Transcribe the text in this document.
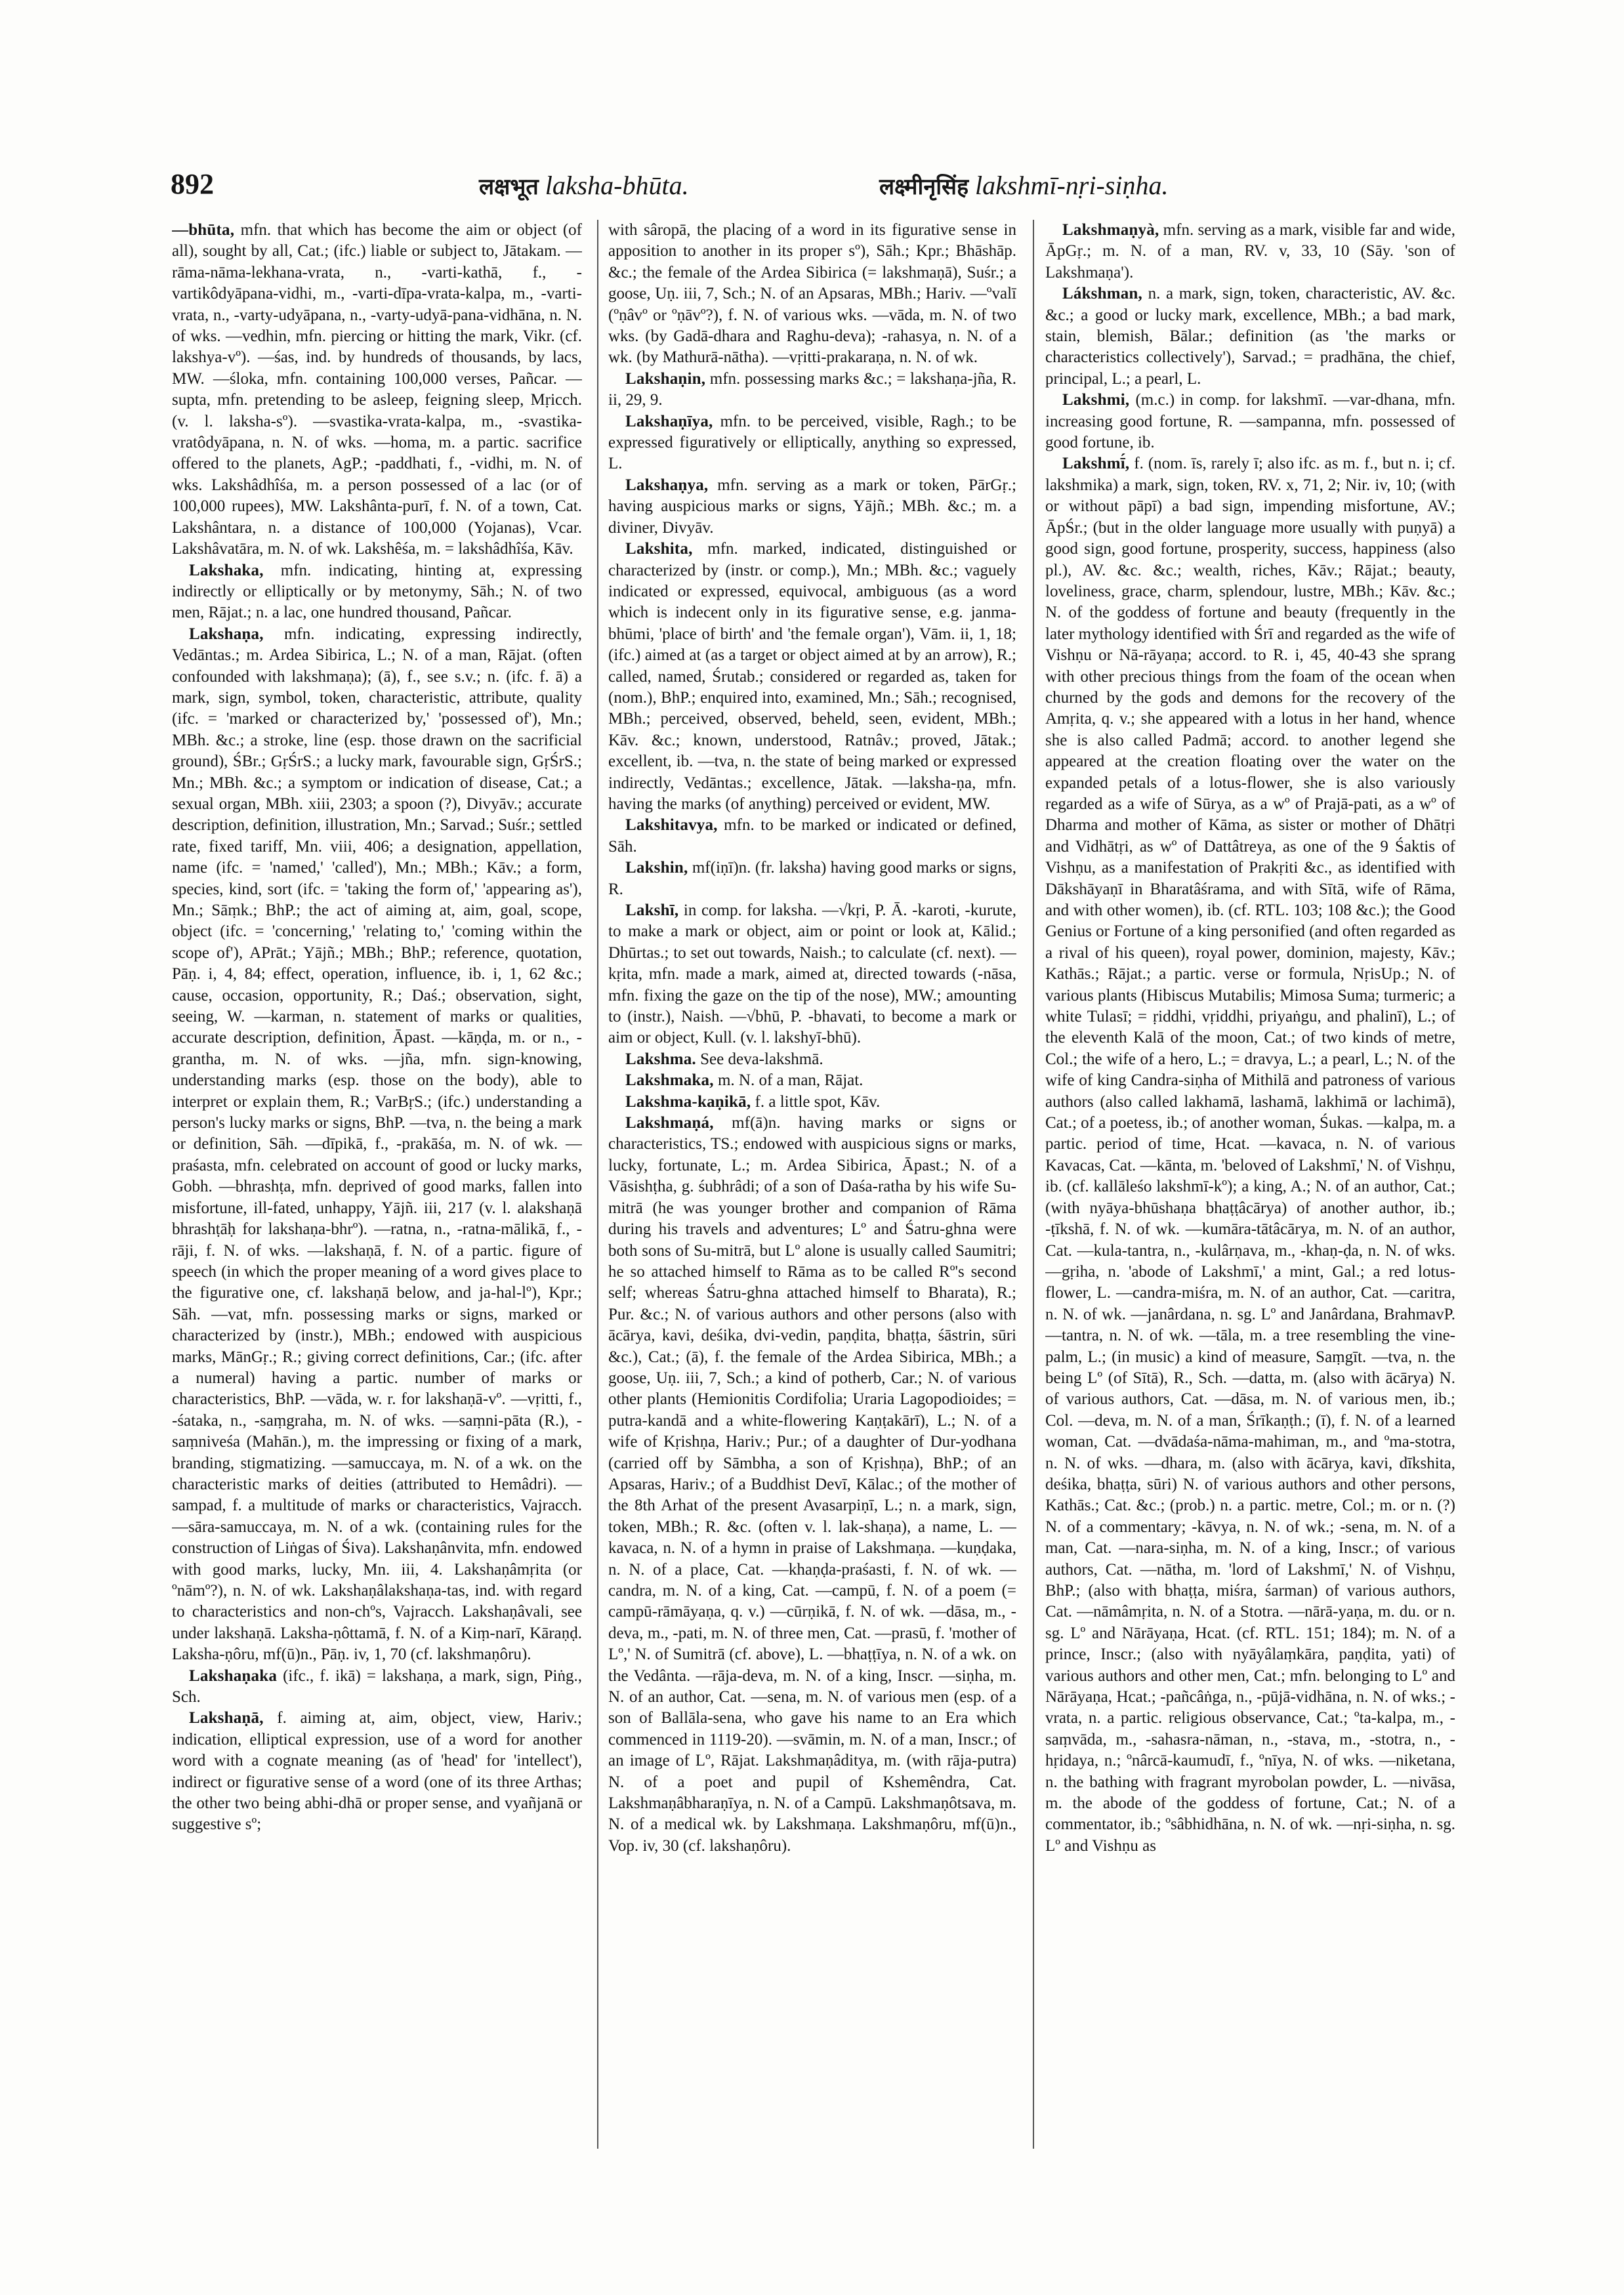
892	लक्षभूत laksha-bhūta.	लक्ष्मीनृसिंह lakshmī-nṛi-siṇha.

—bhūta, mfn. that which has become the aim or object (of all), sought by all, Cat.; (ifc.) liable or subject to, Jātakam. —rāma-nāma-lekhana-vrata, n., -varti-kathā, f., -vartikôdyāpana-vidhi, m., -varti-dīpa-vrata-kalpa, m., -varti-vrata, n., -varty-udyāpana, n., -varty-udyā-pana-vidhāna, n. N. of wks. —vedhin, mfn. piercing or hitting the mark, Vikr. (cf. lakshya-vº). —śas, ind. by hundreds of thousands, by lacs, MW. —śloka, mfn. containing 100,000 verses, Pañcar. —supta, mfn. pretending to be asleep, feigning sleep, Mṛicch. (v. l. laksha-sº). —svastika-vrata-kalpa, m., -svastika-vratôdyāpana, n. N. of wks. —homa, m. a partic. sacrifice offered to the planets, AgP.; -paddhati, f., -vidhi, m. N. of wks. Lakshâdhîśa, m. a person possessed of a lac (or of 100,000 rupees), MW. Lakshânta-purī, f. N. of a town, Cat. Lakshântara, n. a distance of 100,000 (Yojanas), Vcar. Lakshâvatāra, m. N. of wk. Lakshêśa, m. = lakshâdhîśa, Kāv.

Lakshaka, mfn. indicating, hinting at, expressing indirectly or elliptically or by metonymy, Sāh.; N. of two men, Rājat.; n. a lac, one hundred thousand, Pañcar.

Lakshaṇa, mfn. indicating, expressing indirectly, Vedāntas.; m. Ardea Sibirica, L.; N. of a man, Rājat. (often confounded with lakshmaṇa); (ā), f., see s.v.; n. (ifc. f. ā) a mark, sign, symbol, token, characteristic, attribute, quality (ifc. = 'marked or characterized by,' 'possessed of'), Mn.; MBh. &c.; a stroke, line (esp. those drawn on the sacrificial ground), ŚBr.; GṛŚrS.; a lucky mark, favourable sign, GṛŚrS.; Mn.; MBh. &c.; a symptom or indication of disease, Cat.; a sexual organ, MBh. xiii, 2303; a spoon (?), Divyāv.; accurate description, definition, illustration, Mn.; Sarvad.; Suśr.; settled rate, fixed tariff, Mn. viii, 406; a designation, appellation, name (ifc. = 'named,' 'called'), Mn.; MBh.; Kāv.; a form, species, kind, sort (ifc. = 'taking the form of,' 'appearing as'), Mn.; Sāṃk.; BhP.; the act of aiming at, aim, goal, scope, object (ifc. = 'concerning,' 'relating to,' 'coming within the scope of'), APrāt.; Yājñ.; MBh.; BhP.; reference, quotation, Pāṇ. i, 4, 84; effect, operation, influence, ib. i, 1, 62 &c.; cause, occasion, opportunity, R.; Daś.; observation, sight, seeing, W. —karman, n. statement of marks or qualities, accurate description, definition, Āpast. —kāṇḍa, m. or n., -grantha, m. N. of wks. —jña, mfn. sign-knowing, understanding marks (esp. those on the body), able to interpret or explain them, R.; VarBṛS.; (ifc.) understanding a person's lucky marks or signs, BhP. —tva, n. the being a mark or definition, Sāh. —dīpikā, f., -prakāśa, m. N. of wk. —praśasta, mfn. celebrated on account of good or lucky marks, Gobh. —bhrashṭa, mfn. deprived of good marks, fallen into misfortune, ill-fated, unhappy, Yājñ. iii, 217 (v. l. alakshaṇā bhrashṭāḥ for lakshaṇa-bhrº). —ratna, n., -ratna-mālikā, f., -rāji, f. N. of wks. —lakshaṇā, f. N. of a partic. figure of speech (in which the proper meaning of a word gives place to the figurative one, cf. lakshaṇā below, and ja-hal-lº), Kpr.; Sāh. —vat, mfn. possessing marks or signs, marked or characterized by (instr.), MBh.; endowed with auspicious marks, MānGṛ.; R.; giving correct definitions, Car.; (ifc. after a numeral) having a partic. number of marks or characteristics, BhP. —vāda, w. r. for lakshaṇā-vº. —vṛitti, f., -śataka, n., -saṃgraha, m. N. of wks. —saṃni-pāta (R.), -saṃniveśa (Mahān.), m. the impressing or fixing of a mark, branding, stigmatizing. —samuccaya, m. N. of a wk. on the characteristic marks of deities (attributed to Hemâdri). —sampad, f. a multitude of marks or characteristics, Vajracch. —sāra-samuccaya, m. N. of a wk. (containing rules for the construction of Liṅgas of Śiva). Lakshaṇânvita, mfn. endowed with good marks, lucky, Mn. iii, 4. Lakshaṇâmṛita (or ºnāmº?), n. N. of wk. Lakshaṇâlakshaṇa-tas, ind. with regard to characteristics and non-chºs, Vajracch. Lakshaṇâvali, see under lakshaṇā. Laksha-ṇôttamā, f. N. of a Kiṃ-narī, Kāraṇḍ. Laksha-ṇôru, mf(ū)n., Pāṇ. iv, 1, 70 (cf. lakshmaṇôru).

Lakshaṇaka (ifc., f. ikā) = lakshaṇa, a mark, sign, Piṅg., Sch.

Lakshaṇā, f. aiming at, aim, object, view, Hariv.; indication, elliptical expression, use of a word for another word with a cognate meaning (as of 'head' for 'intellect'), indirect or figurative sense of a word (one of its three Arthas; the other two being abhi-dhā or proper sense, and vyañjanā or suggestive sº;

with sâropā, the placing of a word in its figurative sense in apposition to another in its proper sº), Sāh.; Kpr.; Bhāshāp. &c.; the female of the Ardea Sibirica (= lakshmaṇā), Suśr.; a goose, Uṇ. iii, 7, Sch.; N. of an Apsaras, MBh.; Hariv. —ºvalī (ºṇâvº or ºṇāvº?), f. N. of various wks. —vāda, m. N. of two wks. (by Gadā-dhara and Raghu-deva); -rahasya, n. N. of a wk. (by Mathurā-nātha). —vṛitti-prakaraṇa, n. N. of wk.

Lakshaṇin, mfn. possessing marks &c.; = lakshaṇa-jña, R. ii, 29, 9.

Lakshaṇīya, mfn. to be perceived, visible, Ragh.; to be expressed figuratively or elliptically, anything so expressed, L.

Lakshaṇya, mfn. serving as a mark or token, PārGṛ.; having auspicious marks or signs, Yājñ.; MBh. &c.; m. a diviner, Divyāv.

Lakshita, mfn. marked, indicated, distinguished or characterized by (instr. or comp.), Mn.; MBh. &c.; vaguely indicated or expressed, equivocal, ambiguous (as a word which is indecent only in its figurative sense, e.g. janma-bhūmi, 'place of birth' and 'the female organ'), Vām. ii, 1, 18; (ifc.) aimed at (as a target or object aimed at by an arrow), R.; called, named, Śrutab.; considered or regarded as, taken for (nom.), BhP.; enquired into, examined, Mn.; Sāh.; recognised, MBh.; perceived, observed, beheld, seen, evident, MBh.; Kāv. &c.; known, understood, Ratnâv.; proved, Jātak.; excellent, ib. —tva, n. the state of being marked or expressed indirectly, Vedāntas.; excellence, Jātak. —laksha-ṇa, mfn. having the marks (of anything) perceived or evident, MW.

Lakshitavya, mfn. to be marked or indicated or defined, Sāh.

Lakshin, mf(iṇī)n. (fr. laksha) having good marks or signs, R.

Lakshī, in comp. for laksha. —√kṛi, P. Ā. -karoti, -kurute, to make a mark or object, aim or point or look at, Kālid.; Dhūrtas.; to set out towards, Naish.; to calculate (cf. next). —kṛita, mfn. made a mark, aimed at, directed towards (-nāsa, mfn. fixing the gaze on the tip of the nose), MW.; amounting to (instr.), Naish. —√bhū, P. -bhavati, to become a mark or aim or object, Kull. (v. l. lakshyī-bhū).

Lakshma. See deva-lakshmā.

Lakshmaka, m. N. of a man, Rājat.

Lakshma-kaṇikā, f. a little spot, Kāv.

Lakshmaṇá, mf(ā)n. having marks or signs or characteristics, TS.; endowed with auspicious signs or marks, lucky, fortunate, L.; m. Ardea Sibirica, Āpast.; N. of a Vāsishṭha, g. śubhrâdi; of a son of Daśa-ratha by his wife Su-mitrā (he was younger brother and companion of Rāma during his travels and adventures; Lº and Śatru-ghna were both sons of Su-mitrā, but Lº alone is usually called Saumitri; he so attached himself to Rāma as to be called Rº's second self; whereas Śatru-ghna attached himself to Bharata), R.; Pur. &c.; N. of various authors and other persons (also with ācārya, kavi, deśika, dvi-vedin, paṇḍita, bhaṭṭa, śāstrin, sūri &c.), Cat.; (ā), f. the female of the Ardea Sibirica, MBh.; a goose, Uṇ. iii, 7, Sch.; a kind of potherb, Car.; N. of various other plants (Hemionitis Cordifolia; Uraria Lagopodioides; = putra-kandā and a white-flowering Kaṇṭakārī), L.; N. of a wife of Kṛishṇa, Hariv.; Pur.; of a daughter of Dur-yodhana (carried off by Sāmbha, a son of Kṛishṇa), BhP.; of an Apsaras, Hariv.; of a Buddhist Devī, Kālac.; of the mother of the 8th Arhat of the present Avasarpiṇī, L.; n. a mark, sign, token, MBh.; R. &c. (often v. l. lak-shaṇa), a name, L. —kavaca, n. N. of a hymn in praise of Lakshmaṇa. —kuṇḍaka, n. N. of a place, Cat. —khaṇḍa-praśasti, f. N. of wk. —candra, m. N. of a king, Cat. —campū, f. N. of a poem (= campū-rāmāyaṇa, q. v.) —cūrṇikā, f. N. of wk. —dāsa, m., -deva, m., -pati, m. N. of three men, Cat. —prasū, f. 'mother of Lº,' N. of Sumitrā (cf. above), L. —bhaṭṭīya, n. N. of a wk. on the Vedânta. —rāja-deva, m. N. of a king, Inscr. —siṇha, m. N. of an author, Cat. —sena, m. N. of various men (esp. of a son of Ballāla-sena, who gave his name to an Era which commenced in 1119-20). —svāmin, m. N. of a man, Inscr.; of an image of Lº, Rājat. Lakshmaṇâditya, m. (with rāja-putra) N. of a poet and pupil of Kshemêndra, Cat. Lakshmaṇâbharaṇīya, n. N. of a Campū. Lakshmaṇôtsava, m. N. of a medical wk. by Lakshmaṇa. Lakshmaṇôru, mf(ū)n., Vop. iv, 30 (cf. lakshaṇôru).

Lakshmaṇyà, mfn. serving as a mark, visible far and wide, ĀpGṛ.; m. N. of a man, RV. v, 33, 10 (Sāy. 'son of Lakshmaṇa').

Lákshman, n. a mark, sign, token, characteristic, AV. &c. &c.; a good or lucky mark, excellence, MBh.; a bad mark, stain, blemish, Bālar.; definition (as 'the marks or characteristics collectively'), Sarvad.; = pradhāna, the chief, principal, L.; a pearl, L.

Lakshmi, (m.c.) in comp. for lakshmī. —var-dhana, mfn. increasing good fortune, R. —sampanna, mfn. possessed of good fortune, ib.

Lakshmī́, f. (nom. īs, rarely ī; also ifc. as m. f., but n. i; cf. lakshmika) a mark, sign, token, RV. x, 71, 2; Nir. iv, 10; (with or without pāpī) a bad sign, impending misfortune, AV.; ĀpŚr.; (but in the older language more usually with puṇyā) a good sign, good fortune, prosperity, success, happiness (also pl.), AV. &c. &c.; wealth, riches, Kāv.; Rājat.; beauty, loveliness, grace, charm, splendour, lustre, MBh.; Kāv. &c.; N. of the goddess of fortune and beauty (frequently in the later mythology identified with Śrī and regarded as the wife of Vishṇu or Nā-rāyaṇa; accord. to R. i, 45, 40-43 she sprang with other precious things from the foam of the ocean when churned by the gods and demons for the recovery of the Amṛita, q. v.; she appeared with a lotus in her hand, whence she is also called Padmā; accord. to another legend she appeared at the creation floating over the water on the expanded petals of a lotus-flower, she is also variously regarded as a wife of Sūrya, as a wº of Prajā-pati, as a wº of Dharma and mother of Kāma, as sister or mother of Dhātṛi and Vidhātṛi, as wº of Dattâtreya, as one of the 9 Śaktis of Vishṇu, as a manifestation of Prakṛiti &c., as identified with Dākshāyaṇī in Bharatâśrama, and with Sītā, wife of Rāma, and with other women), ib. (cf. RTL. 103; 108 &c.); the Good Genius or Fortune of a king personified (and often regarded as a rival of his queen), royal power, dominion, majesty, Kāv.; Kathās.; Rājat.; a partic. verse or formula, NṛisUp.; N. of various plants (Hibiscus Mutabilis; Mimosa Suma; turmeric; a white Tulasī; = ṛiddhi, vṛiddhi, priyaṅgu, and phalinī), L.; of the eleventh Kalā of the moon, Cat.; of two kinds of metre, Col.; the wife of a hero, L.; = dravya, L.; a pearl, L.; N. of the wife of king Candra-siṇha of Mithilā and patroness of various authors (also called lakhamā, lashamā, lakhimā or lachimā), Cat.; of a poetess, ib.; of another woman, Śukas. —kalpa, m. a partic. period of time, Hcat. —kavaca, n. N. of various Kavacas, Cat. —kānta, m. 'beloved of Lakshmī,' N. of Vishṇu, ib. (cf. kallāleśo lakshmī-kº); a king, A.; N. of an author, Cat.; (with nyāya-bhūshaṇa bhaṭṭâcārya) of another author, ib.; -ṭīkshā, f. N. of wk. —kumāra-tātâcārya, m. N. of an author, Cat. —kula-tantra, n., -kulârṇava, m., -khaṇ-ḍa, n. N. of wks. —gṛiha, n. 'abode of Lakshmī,' a mint, Gal.; a red lotus-flower, L. —candra-miśra, m. N. of an author, Cat. —caritra, n. N. of wk. —janârdana, n. sg. Lº and Janârdana, BrahmavP. —tantra, n. N. of wk. —tāla, m. a tree resembling the vine-palm, L.; (in music) a kind of measure, Saṃgīt. —tva, n. the being Lº (of Sītā), R., Sch. —datta, m. (also with ācārya) N. of various authors, Cat. —dāsa, m. N. of various men, ib.; Col. —deva, m. N. of a man, Śrīkaṇṭh.; (ī), f. N. of a learned woman, Cat. —dvādaśa-nāma-mahiman, m., and ºma-stotra, n. N. of wks. —dhara, m. (also with ācārya, kavi, dīkshita, deśika, bhaṭṭa, sūri) N. of various authors and other persons, Kathās.; Cat. &c.; (prob.) n. a partic. metre, Col.; m. or n. (?) N. of a commentary; -kāvya, n. N. of wk.; -sena, m. N. of a man, Cat. —nara-siṇha, m. N. of a king, Inscr.; of various authors, Cat. —nātha, m. 'lord of Lakshmī,' N. of Vishṇu, BhP.; (also with bhaṭṭa, miśra, śarman) of various authors, Cat. —nāmâmṛita, n. N. of a Stotra. —nārā-yaṇa, m. du. or n. sg. Lº and Nārāyaṇa, Hcat. (cf. RTL. 151; 184); m. N. of a prince, Inscr.; (also with nyāyâlaṃkāra, paṇḍita, yati) of various authors and other men, Cat.; mfn. belonging to Lº and Nārāyaṇa, Hcat.; -pañcâṅga, n., -pūjā-vidhāna, n. N. of wks.; -vrata, n. a partic. religious observance, Cat.; ºta-kalpa, m., -saṃvāda, m., -sahasra-nāman, n., -stava, m., -stotra, n., -hṛidaya, n.; ºnârcā-kaumudī, f., ºnīya, N. of wks. —niketana, n. the bathing with fragrant myrobolan powder, L. —nivāsa, m. the abode of the goddess of fortune, Cat.; N. of a commentator, ib.; ºsâbhidhāna, n. N. of wk. —nṛi-siṇha, n. sg. Lº and Vishṇu as
